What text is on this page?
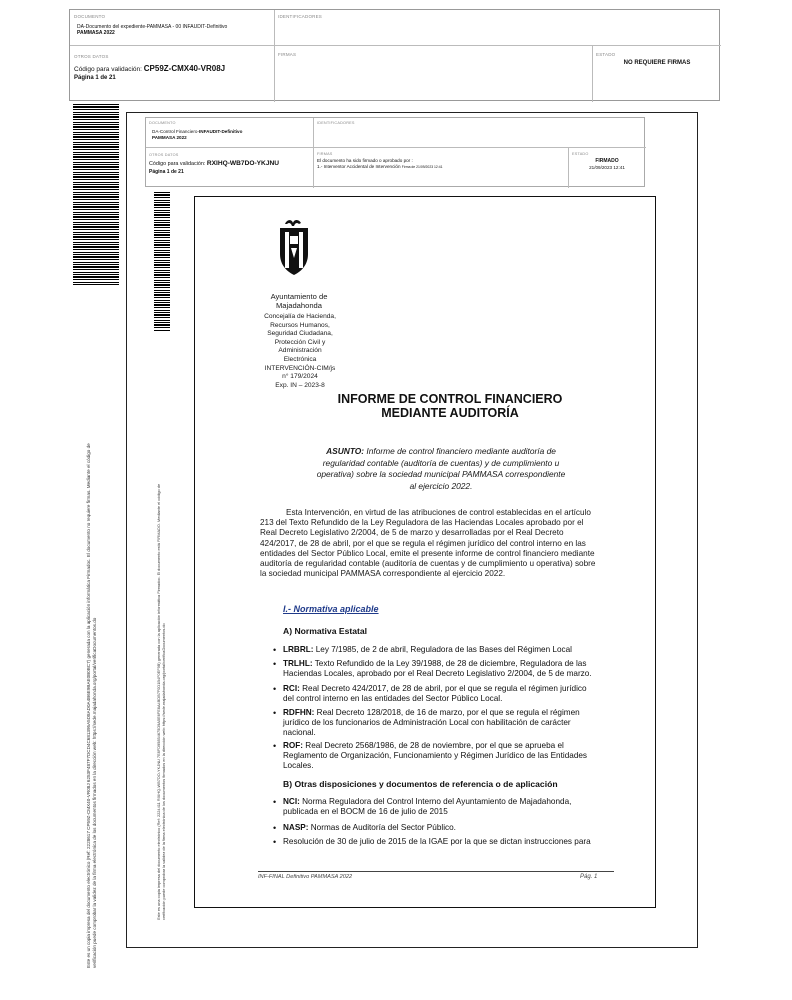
DOCUMENTO
DA-Documento del expediente-PAMMASA - 00 INFAUDIT-Definitivo
PAMMASA 2022
IDENTIFICADORES
OTROS DATOS
Código para validación: CP59Z-CMX40-VR08J
Página 1 de 21
FIRMAS	ESTADO
NO REQUIERE FIRMAS
Este es un copia impresa del documento electrónico (Ref: 2228617 CP59Z-CMX40-VR08J 6253F487F7DCD4C681395A5D8AD0A4B6E9BAE0B0BC7) generada con la aplicación informática Firmadoc. El documento no requiere firmas. Mediante el código de verificación puede comprobar la validez de la firma electrónica de los documentos firmados en la dirección web: https://sede.majadahonda.org/portal/verificaDocumentos.do
DOCUMENTO
DA-Control Financiero-INFAUDIT-Definitivo
PAMMASA 2022
IDENTIFICADORES
OTROS DATOS
Código para validación: RXIHQ-WB7DO-YKJNU
Página 1 de 21
FIRMAS
El documento ha sido firmado o aprobado por :
1.- Interventor Accidental de Intervención Firma de 21/09/2023 12:41
ESTADO
FIRMADO
21/09/2023 12:41
Este es una copia impresa del documento electrónico (Ref: 2224411 RXIHQ-WB7DO-YKJNU 7E8FD95854675D9A5E6FE8A4BDB7F0D1B4F0EF9B) generada con la aplicación informática Firmadoc. El documento está FIRMADO. Mediante el código de verificación puede comprobar la validez de la firma electrónica de los documentos firmados en la dirección web: https://sede.majadahonda.org/portal/verificaDocumentos.do
Ayuntamiento de
Majadahonda
Concejalía de Hacienda,
Recursos Humanos,
Seguridad Ciudadana,
Protección Civil y
Administración
Electrónica
INTERVENCIÓN-CIM/js
n° 179/2024
Exp. IN – 2023-8
INFORME DE CONTROL FINANCIERO
MEDIANTE AUDITORÍA
ASUNTO: Informe de control financiero mediante auditoría de
regularidad contable (auditoría de cuentas) y de cumplimiento u
operativa) sobre la sociedad municipal PAMMASA correspondiente
al ejercicio 2022.
Esta Intervención, en virtud de las atribuciones de control establecidas en el artículo
213 del Texto Refundido de la Ley Reguladora de las Haciendas Locales aprobado por el
Real Decreto Legislativo 2/2004, de 5 de marzo y desarrolladas por el Real Decreto
424/2017, de 28 de abril, por el que se regula el régimen jurídico del control interno en las
entidades del Sector Público Local, emite el presente informe de control financiero mediante
auditoría de regularidad contable (auditoría de cuentas y de cumplimiento u operativa) sobre
la sociedad municipal PAMMASA correspondiente al ejercicio 2022.
I.- Normativa aplicable
A) Normativa Estatal
• LRBRL: Ley 7/1985, de 2 de abril, Reguladora de las Bases del Régimen Local
• TRLHL: Texto Refundido de la Ley 39/1988, de 28 de diciembre, Reguladora de las
Haciendas Locales, aprobado por el Real Decreto Legislativo 2/2004, de 5 de marzo.
• RCI: Real Decreto 424/2017, de 28 de abril, por el que se regula el régimen jurídico
del control interno en las entidades del Sector Público Local.
• RDFHN: Real Decreto 128/2018, de 16 de marzo, por el que se regula el régimen
jurídico de los funcionarios de Administración Local con habilitación de carácter
nacional.
• ROF: Real Decreto 2568/1986, de 28 de noviembre, por el que se aprueba el
Reglamento de Organización, Funcionamiento y Régimen Jurídico de las Entidades
Locales.
B) Otras disposiciones y documentos de referencia o de aplicación
• NCI: Norma Reguladora del Control Interno del Ayuntamiento de Majadahonda,
publicada en el BOCM de 16 de julio de 2015
• NASP: Normas de Auditoría del Sector Público.
• Resolución de 30 de julio de 2015 de la IGAE por la que se dictan instrucciones para
INF-FINAL Definitivo PAMMASA 2022	Pág. 1
